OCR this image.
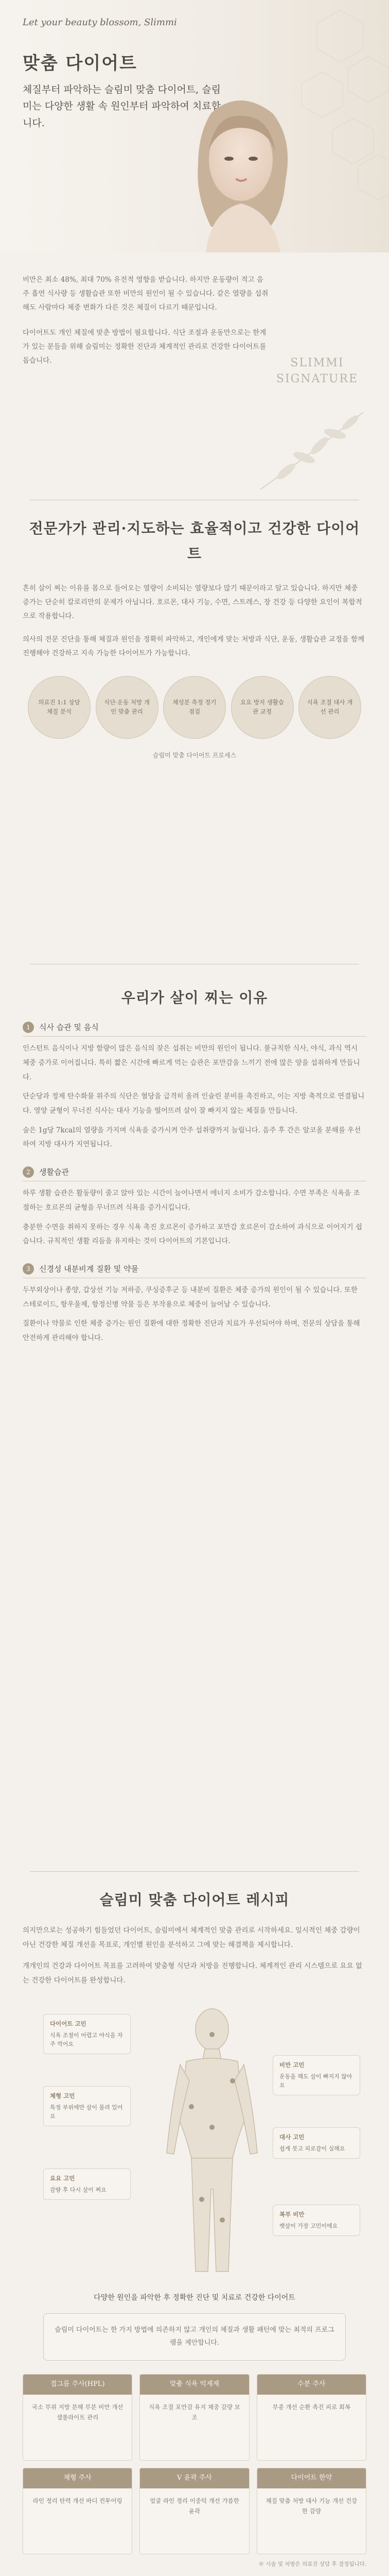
Let your beauty blossom, Slimmi
맞춤 다이어트
체질부터 파악하는 슬림미 맞춤 다이어트, 슬림미는 다양한 생활 속 원인부터 파악하여 치료합니다.

비만은 최소 48%, 최대 70% 유전적 영향을 받습니다. 하지만 운동량이 적고 음주 흡연 식사량 등 생활습관 또한 비만의 원인이 될 수 있습니다. 같은 열량을 섭취해도 사람마다 체중 변화가 다른 것은 체질이 다르기 때문입니다.

다이어트도 개인 체질에 맞춘 방법이 필요합니다. 식단 조절과 운동만으로는 한계가 있는 분들을 위해 슬림미는 정확한 진단과 체계적인 관리로 건강한 다이어트를 돕습니다.	SLIMMI
SIGNATURE
전문가가 관리·지도하는 효율적이고 건강한 다이어트

흔히 살이 찌는 이유를 몸으로 들어오는 열량이 소비되는 열량보다 많기 때문이라고 알고 있습니다. 하지만 체중 증가는 단순히 칼로리만의 문제가 아닙니다. 호르몬, 대사 기능, 수면, 스트레스, 장 건강 등 다양한 요인이 복합적으로 작용합니다.

의사의 전문 진단을 통해 체질과 원인을 정확히 파악하고, 개인에게 맞는 처방과 식단, 운동, 생활습관 교정을 함께 진행해야 건강하고 지속 가능한 다이어트가 가능합니다.

의료진 1:1 상담 체질 분석
식단·운동 처방 개인 맞춤 관리
체성분 측정 정기 점검
요요 방지 생활습관 교정
식욕 조절 대사 개선 관리
슬림미 맞춤 다이어트 프로세스
우리가 살이 찌는 이유
1	식사 습관 및 음식

인스턴트 음식이나 지방 함량이 많은 음식의 잦은 섭취는 비만의 원인이 됩니다. 불규칙한 식사, 야식, 과식 역시 체중 증가로 이어집니다. 특히 짧은 시간에 빠르게 먹는 습관은 포만감을 느끼기 전에 많은 양을 섭취하게 만듭니다.

단순당과 정제 탄수화물 위주의 식단은 혈당을 급격히 올려 인슐린 분비를 촉진하고, 이는 지방 축적으로 연결됩니다. 영양 균형이 무너진 식사는 대사 기능을 떨어뜨려 살이 잘 빠지지 않는 체질을 만듭니다.

술은 1g당 7kcal의 열량을 가지며 식욕을 증가시켜 안주 섭취량까지 늘립니다. 음주 후 간은 알코올 분해를 우선하여 지방 대사가 지연됩니다.

2	생활습관

하루 생활 습관은 활동량이 줄고 앉아 있는 시간이 늘어나면서 에너지 소비가 감소합니다. 수면 부족은 식욕을 조절하는 호르몬의 균형을 무너뜨려 식욕을 증가시킵니다.

충분한 수면을 취하지 못하는 경우 식욕 촉진 호르몬이 증가하고 포만감 호르몬이 감소하여 과식으로 이어지기 쉽습니다. 규칙적인 생활 리듬을 유지하는 것이 다이어트의 기본입니다.

3	신경성 내분비계 질환 및 약물

두부외상이나 종양, 갑상선 기능 저하증, 쿠싱증후군 등 내분비 질환은 체중 증가의 원인이 될 수 있습니다. 또한 스테로이드, 항우울제, 항정신병 약물 등은 부작용으로 체중이 늘어날 수 있습니다.

질환이나 약물로 인한 체중 증가는 원인 질환에 대한 정확한 진단과 치료가 우선되어야 하며, 전문의 상담을 통해 안전하게 관리해야 합니다.

슬림미 맞춤 다이어트 레시피

의지만으로는 성공하기 힘들었던 다이어트, 슬림미에서 체계적인 맞춤 관리로 시작하세요. 일시적인 체중 감량이 아닌 건강한 체질 개선을 목표로, 개인별 원인을 분석하고 그에 맞는 해결책을 제시합니다.

개개인의 건강과 다이어트 목표를 고려하여 맞춤형 식단과 처방을 진행합니다. 체계적인 관리 시스템으로 요요 없는 건강한 다이어트를 완성합니다.

다이어트 고민
식욕 조절이 어렵고 야식을 자주 먹어요
비만 고민
운동을 해도 살이 빠지지 않아요
체형 고민
특정 부위에만 살이 몰려 있어요
대사 고민
쉽게 붓고 피로감이 심해요
요요 고민
감량 후 다시 살이 쪄요
복부 비만
뱃살이 가장 고민이에요
다양한 원인을 파악한 후 정확한 진단 및 치료로 건강한 다이어트
슬림미 다이어트는 한 가지 방법에 의존하지 않고 개인의 체질과 생활 패턴에 맞는 최적의 프로그램을 제안합니다.
접그름 주사(HPL)
국소 부위 지방 분해 부분 비만 개선 셀룰라이트 관리
맞춤 식욕 억제제
식욕 조절 포만감 유지 체중 감량 보조
수분 주사
부종 개선 순환 촉진 피로 회복
체형 주사
라인 정리 탄력 개선 바디 컨투어링
V 윤곽 주사
얼굴 라인 정리 이중턱 개선 갸름한 윤곽
다이어트 한약
체질 맞춤 처방 대사 기능 개선 건강한 감량
※ 시술 및 처방은 의료진 상담 후 결정됩니다.
